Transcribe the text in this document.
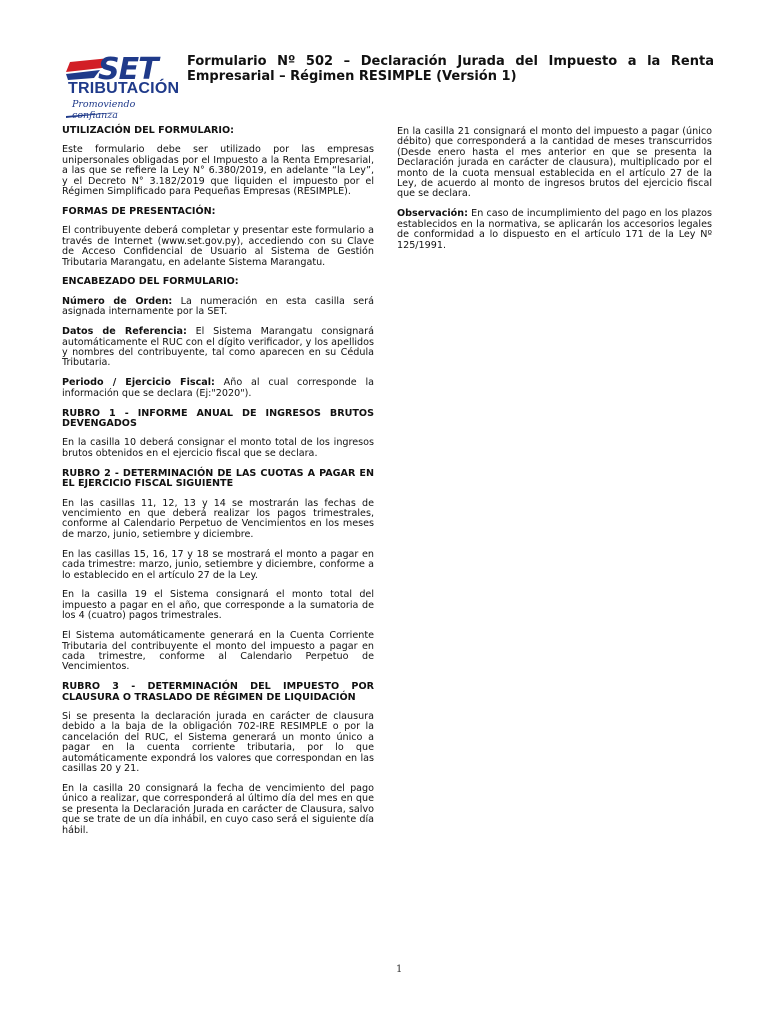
SET
TRIBUTACIÓN
Promoviendo confianza
Formulario Nº 502 – Declaración Jurada del Impuesto a la Renta Empresarial – Régimen RESIMPLE (Versión 1)
UTILIZACIÓN DEL FORMULARIO:

Este formulario debe ser utilizado por las empresas unipersonales obligadas por el Impuesto a la Renta Empresarial, a las que se refiere la Ley N° 6.380/2019, en adelante “la Ley”, y el Decreto N° 3.182/2019 que liquiden el impuesto por el Régimen Simplificado para Pequeñas Empresas (RESIMPLE).

FORMAS DE PRESENTACIÓN:

El contribuyente deberá completar y presentar este formulario a través de Internet (www.set.gov.py), accediendo con su Clave de Acceso Confidencial de Usuario al Sistema de Gestión Tributaria Marangatu, en adelante Sistema Marangatu.

ENCABEZADO DEL FORMULARIO:

Número de Orden: La numeración en esta casilla será asignada internamente por la SET.

Datos de Referencia: El Sistema Marangatu consignará automáticamente el RUC con el dígito verificador, y los apellidos y nombres del contribuyente, tal como aparecen en su Cédula Tributaria.

Periodo / Ejercicio Fiscal: Año al cual corresponde la información que se declara (Ej:"2020").

RUBRO 1 - INFORME ANUAL DE INGRESOS BRUTOS DEVENGADOS

En la casilla 10 deberá consignar el monto total de los ingresos brutos obtenidos en el ejercicio fiscal que se declara.

RUBRO 2 - DETERMINACIÓN DE LAS CUOTAS A PAGAR EN EL EJERCICIO FISCAL SIGUIENTE

En las casillas 11, 12, 13 y 14 se mostrarán las fechas de vencimiento en que deberá realizar los pagos trimestrales, conforme al Calendario Perpetuo de Vencimientos en los meses de marzo, junio, setiembre y diciembre.

En las casillas 15, 16, 17 y 18 se mostrará el monto a pagar en cada trimestre: marzo, junio, setiembre y diciembre, conforme a lo establecido en el artículo 27 de la Ley.

En la casilla 19 el Sistema consignará el monto total del impuesto a pagar en el año, que corresponde a la sumatoria de los 4 (cuatro) pagos trimestrales.

El Sistema automáticamente generará en la Cuenta Corriente Tributaria del contribuyente el monto del impuesto a pagar en cada trimestre, conforme al Calendario Perpetuo de Vencimientos.

RUBRO 3 - DETERMINACIÓN DEL IMPUESTO POR CLAUSURA O TRASLADO DE RÉGIMEN DE LIQUIDACIÓN

Si se presenta la declaración jurada en carácter de clausura debido a la baja de la obligación 702-IRE RESIMPLE o por la cancelación del RUC, el Sistema generará un monto único a pagar en la cuenta corriente tributaria, por lo que automáticamente expondrá los valores que correspondan en las casillas 20 y 21.

En la casilla 20 consignará la fecha de vencimiento del pago único a realizar, que corresponderá al último día del mes en que se presenta la Declaración Jurada en carácter de Clausura, salvo que se trate de un día inhábil, en cuyo caso será el siguiente día hábil.

En la casilla 21 consignará el monto del impuesto a pagar (único débito) que corresponderá a la cantidad de meses transcurridos (Desde enero hasta el mes anterior en que se presenta la Declaración jurada en carácter de clausura), multiplicado por el monto de la cuota mensual establecida en el artículo 27 de la Ley, de acuerdo al monto de ingresos brutos del ejercicio fiscal que se declara.

Observación: En caso de incumplimiento del pago en los plazos establecidos en la normativa, se aplicarán los accesorios legales de conformidad a lo dispuesto en el artículo 171 de la Ley Nº 125/1991.

1
